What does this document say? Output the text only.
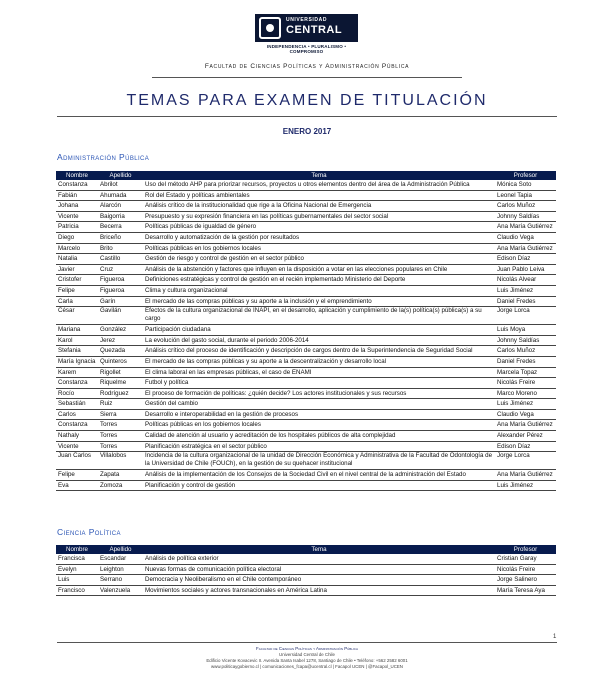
UNIVERSIDAD
CENTRAL
INDEPENDENCIA • PLURALISMO • COMPROMISO
Facultad de Ciencias Políticas y Administración Pública
TEMAS PARA EXAMEN DE TITULACIÓN
ENERO 2017
Administración Pública
Nombre	Apellido	Tema	Profesor
Constanza	Abrilot	Uso del método AHP para priorizar recursos, proyectos u otros elementos dentro del área de la Administración Pública	Mónica Soto
Fabián	Ahumada	Rol del Estado y políticas ambientales	Leonel Tapia
Johana	Alarcón	Análisis crítico de la institucionalidad que rige a la Oficina Nacional de Emergencia	Carlos Muñoz
Vicente	Baigorria	Presupuesto y su expresión financiera en las políticas gubernamentales del sector social	Johnny Saldías
Patricia	Becerra	Políticas públicas de igualdad de género	Ana María Gutiérrez
Diego	Briceño	Desarrollo y automatización de la gestión por resultados	Claudio Vega
Marcelo	Brito	Políticas públicas en los gobiernos locales	Ana María Gutiérrez
Natalia	Castillo	Gestión de riesgo y control de gestión en el sector público	Edison Díaz
Javier	Cruz	Análisis de la abstención y factores que influyen en la disposición a votar en las elecciones populares en Chile	Juan Pablo Leiva
Cristofer	Figueroa	Definiciones estratégicas y control de gestión en el recién implementado Ministerio del Deporte	Nicolás Alvear
Felipe	Figueroa	Clima y cultura organizacional	Luis Jiménez
Carla	Garín	El mercado de las compras públicas y su aporte a la inclusión y el emprendimiento	Daniel Fredes
César	Gavilán	Efectos de la cultura organizacional de INAPI, en el desarrollo, aplicación y cumplimiento de la(s) política(s) pública(s) a su cargo	Jorge Lorca
Mariana	González	Participación ciudadana	Luis Moya
Karol	Jerez	La evolución del gasto social, durante el periodo 2006-2014	Johnny Saldías
Stefania	Quezada	Análisis crítico del proceso de identificación y descripción de cargos dentro de la Superintendencia de Seguridad Social	Carlos Muñoz
María Ignacia	Quinteros	El mercado de las compras públicas y su aporte a la descentralización y desarrollo local	Daniel Fredes
Karem	Rigollet	El clima laboral en las empresas públicas, el caso de ENAMI	Marcela Topaz
Constanza	Riquelme	Futbol y política	Nicolás Freire
Rocío	Rodríguez	El proceso de formación de políticas: ¿quién decide? Los actores institucionales y sus recursos	Marco Moreno
Sebastián	Ruiz	Gestión del cambio	Luis Jiménez
Carlos	Sierra	Desarrollo e interoperabilidad en la gestión de procesos	Claudio Vega
Constanza	Torres	Políticas públicas en los gobiernos locales	Ana María Gutiérrez
Nathaly	Torres	Calidad de atención al usuario y acreditación de los hospitales públicos de alta complejidad	Alexander Pérez
Vicente	Torres	Planificación estratégica en el sector público	Edison Díaz
Juan Carlos	Villalobos	Incidencia de la cultura organizacional de la unidad de Dirección Económica y Administrativa de la Facultad de Odontología de la Universidad de Chile (FOUCh), en la gestión de su quehacer institucional	Jorge Lorca
Felipe	Zapata	Análisis de la implementación de los Consejos de la Sociedad Civil en el nivel central de la administración del Estado	Ana María Gutiérrez
Eva	Zomoza	Planificación y control de gestión	Luis Jiménez
Ciencia Política
Nombre	Apellido	Tema	Profesor
Francisca	Escandar	Análisis de política exterior	Cristian Garay
Evelyn	Leighton	Nuevas formas de comunicación política electoral	Nicolás Freire
Luis	Serrano	Democracia y Neoliberalismo en el Chile contemporáneo	Jorge Salinero
Francisco	Valenzuela	Movimientos sociales y actores transnacionales en América Latina	María Teresa Aya
1
Facultad de Ciencias Políticas y Administración Pública
Universidad Central de Chile
Edificio Vicente Kovacevic II. Avenida Santa Isabel 1278, Santiago de Chile • Teléfono: +562 2582 6001
www.politicaygobierno.cl | comunicaciones_fcapa@ucentral.cl | Facapol UCEN | @Facapol_UCEN
